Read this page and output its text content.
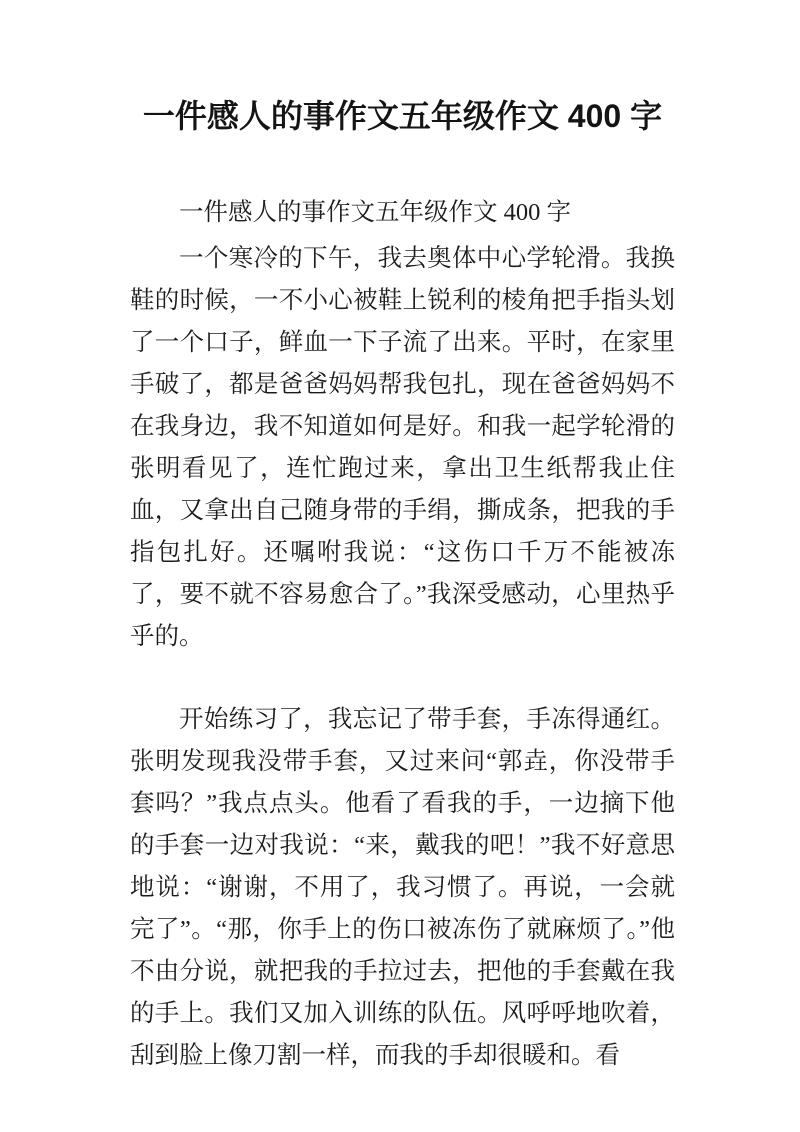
一件感人的事作文五年级作文 400 字

一件感人的事作文五年级作文 400 字

一个寒冷的下午，我去奥体中心学轮滑。我换鞋的时候，一不小心被鞋上锐利的棱角把手指头划了一个口子，鲜血一下子流了出来。平时，在家里手破了，都是爸爸妈妈帮我包扎，现在爸爸妈妈不在我身边，我不知道如何是好。和我一起学轮滑的张明看见了，连忙跑过来，拿出卫生纸帮我止住血，又拿出自己随身带的手绢，撕成条，把我的手指包扎好。还嘱咐我说：“这伤口千万不能被冻了，要不就不容易愈合了。”我深受感动，心里热乎乎的。

开始练习了，我忘记了带手套，手冻得通红。张明发现我没带手套，又过来问“郭垚，你没带手套吗？”我点点头。他看了看我的手，一边摘下他的手套一边对我说：“来，戴我的吧！”我不好意思地说：“谢谢，不用了，我习惯了。再说，一会就完了”。“那，你手上的伤口被冻伤了就麻烦了。”他不由分说，就把我的手拉过去，把他的手套戴在我的手上。我们又加入训练的队伍。风呼呼地吹着，刮到脸上像刀割一样，而我的手却很暖和。看
